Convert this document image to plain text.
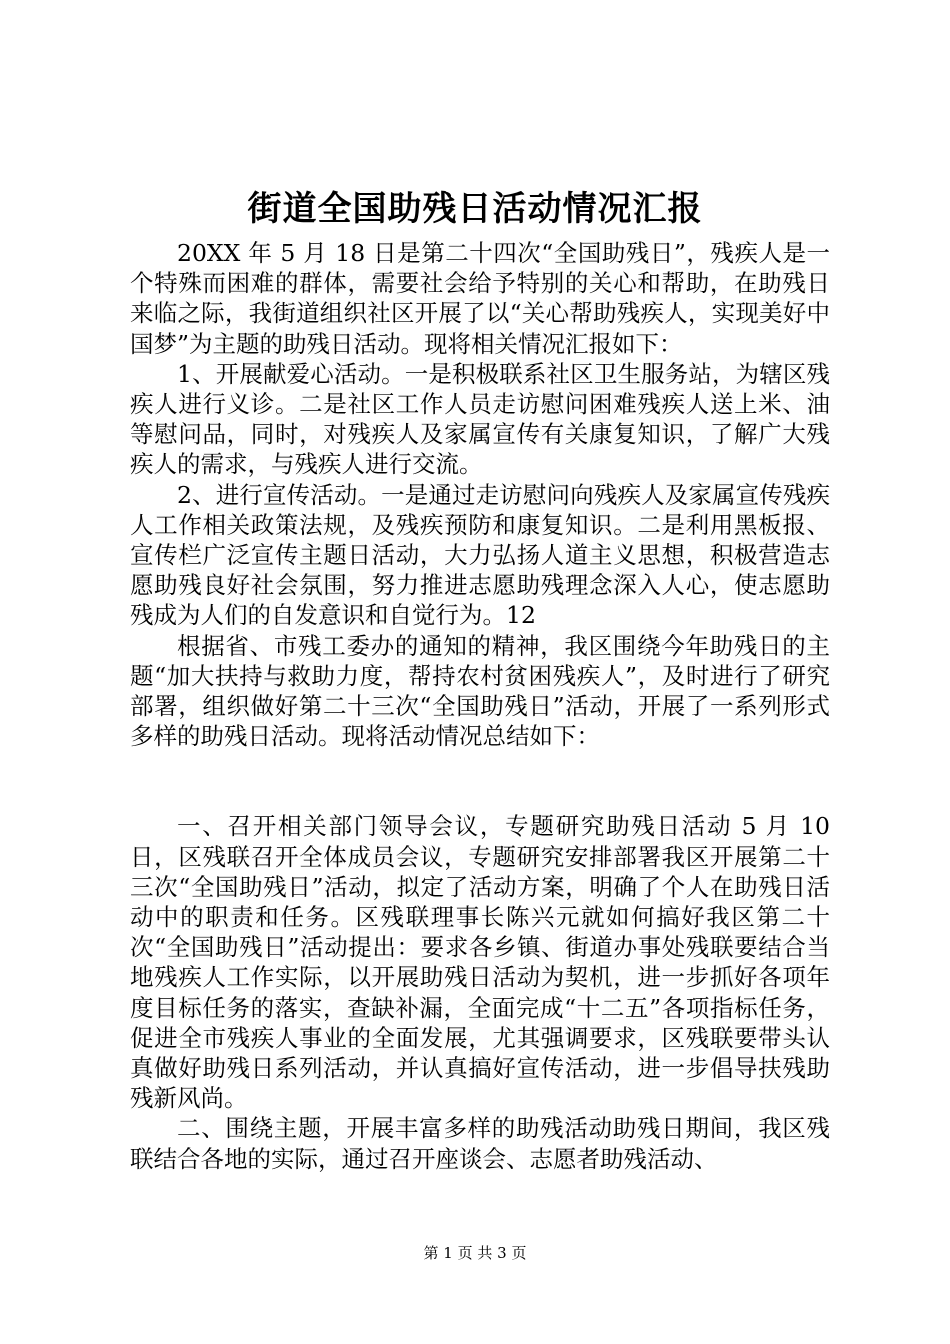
街道全国助残日活动情况汇报

20XX 年 5 月 18 日是第二十四次“全国助残日”，残疾人是一个特殊而困难的群体，需要社会给予特别的关心和帮助，在助残日来临之际，我街道组织社区开展了以“关心帮助残疾人，实现美好中国梦”为主题的助残日活动。现将相关情况汇报如下：

1、开展献爱心活动。一是积极联系社区卫生服务站，为辖区残疾人进行义诊。二是社区工作人员走访慰问困难残疾人送上米、油等慰问品，同时，对残疾人及家属宣传有关康复知识，了解广大残疾人的需求，与残疾人进行交流。

2、进行宣传活动。一是通过走访慰问向残疾人及家属宣传残疾人工作相关政策法规，及残疾预防和康复知识。二是利用黑板报、宣传栏广泛宣传主题日活动，大力弘扬人道主义思想，积极营造志愿助残良好社会氛围，努力推进志愿助残理念深入人心，使志愿助残成为人们的自发意识和自觉行为。12

根据省、市残工委办的通知的精神，我区围绕今年助残日的主题“加大扶持与救助力度，帮持农村贫困残疾人”，及时进行了研究部署，组织做好第二十三次“全国助残日”活动，开展了一系列形式多样的助残日活动。现将活动情况总结如下：

一、召开相关部门领导会议，专题研究助残日活动 5 月 10 日，区残联召开全体成员会议，专题研究安排部署我区开展第二十三次“全国助残日”活动，拟定了活动方案，明确了个人在助残日活动中的职责和任务。区残联理事长陈兴元就如何搞好我区第二十次“全国助残日”活动提出：要求各乡镇、街道办事处残联要结合当地残疾人工作实际，以开展助残日活动为契机，进一步抓好各项年度目标任务的落实，查缺补漏，全面完成“十二五”各项指标任务，促进全市残疾人事业的全面发展，尤其强调要求，区残联要带头认真做好助残日系列活动，并认真搞好宣传活动，进一步倡导扶残助残新风尚。

二、围绕主题，开展丰富多样的助残活动助残日期间，我区残联结合各地的实际，通过召开座谈会、志愿者助残活动、

第 1 页 共 3 页
